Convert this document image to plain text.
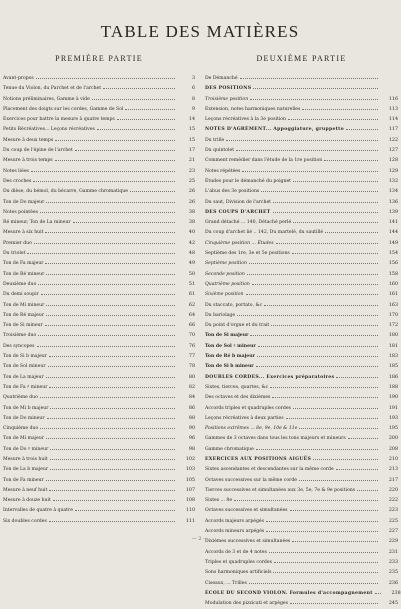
TABLE DES MATIÈRES
PREMIÈRE PARTIE
Avant-propos	3
Tenue du Violon, du Parchet et de l'archet	6
Notions préliminaires, Gamme à vide	8
Placement des doigts sur les cordes, Gamme de Sol	9
Exercices pour battre la mesure à quatre temps	14
Petits Récréatives... Leçons récréatives	15
Mesure à deux temps	15
Du coup de l'épine de l'archet	17
Mesure à trois temps	21
Notes liées	23
Des croches	25
Du dièse, du bémol, du bécarre, Gamme chromatique	26
Ton de Do majeur	26
Notes pointées	38
Ré mineur, Ton de La mineur	38
Mesure à six huit	40
Premier duo	42
Du triolet	48
Ton de Fa majeur	49
Ton de Ré mineur	50
Deuxième duo	51
Du demi soupir	61
Ton de Mi mineur	62
Ton de Ré majeur	64
Ton de Si mineur	66
Troisième duo	70
Des syncopes	76
Ton de Si b majeur	77
Ton de Sol mineur	78
Ton de La majeur	80
Ton de Fa ♯ mineur	82
Quatrième duo	84
Ton de Mi b majeur	86
Ton de Do mineur	88
Cinquième duo	90
Ton de Mi majeur	96
Ton de Do ♯ mineur	98
Mesure à trois huit	102
Ton de La b majeur	103
Ton de Fa mineur	105
Mesure à neuf huit	107
Mesure à douze huit	108
Intervalles de quatre à quatre	110
Six doubles cordes	111
DEUXIÈME PARTIE
De Démanché
DES POSITIONS
Troisième position	116
Extension, notes harmoniques naturelles	113
Leçons récréatives à la 3e position	114
NOTES D'AGRÉMENT... Appoggiature, gruppetto	117
Du trille	122
Du quintolet	127
Comment remédier dans l'étude de la 1re position	128
Notes répétées	129
Études pour le démanché du poignet	132
L'abus des 3e positions	134
Du saut, Division de l'archet	136
DES COUPS D'ARCHET	139
Grand détaché ... 140, Détaché perlé	141
Du coup d'archet lié .. 142, Du martelé, du sautillé	144
Cinquième position ... Études	149
Septième des 1re, 3e et 5e positions	154
Septième position	156
Seconde position	158
Quatrième position	160
Sixième position	161
Du staccato, portato, &c	163
Du bariolage	170
Du point d'orgue et du trait	172
Ton de Si majeur	180
Ton de Sol ♯ mineur	181
Ton de Ré b majeur	183
Ton de Si b mineur	185
DOUBLES CORDES... Exercices préparatoires	186
Sixtes, tierces, quartes, &c	188
Des octaves et des dixièmes	190
Accords triples et quadruples cordes	191
Leçons récréatives à deux parties	193
Positions extrêmes ... 8e, 9e, 10e & 11e	195
Gammes de 3 octaves dans tous les tons majeurs et mineurs	200
Gamme chromatique	208
EXERCICES AUX POSITIONS AIGUËS	210
Sixtes ascendantes et descendantes sur la même corde	213
Octaves successives sur la même corde	217
Tierces successives et simultanées aux 3e, 5e, 7e & 9e positions	220
Sixtes ... 8e	222
Octaves successives et simultanées	223
Accords majeurs arpégés	225
Accords mineurs arpégés	227
Dixièmes successives et simultanées	229
Accords de 3 et de 4 notes	231
Triples et quadruples cordes	233
Sons harmoniques artificiels	235
Ciseaux, ... Trilles	236
ÉCOLE DU SECOND VIOLON. Formules d'accompagnement	238
Modulation des pizzicati et arpèges	245
— 2 —
